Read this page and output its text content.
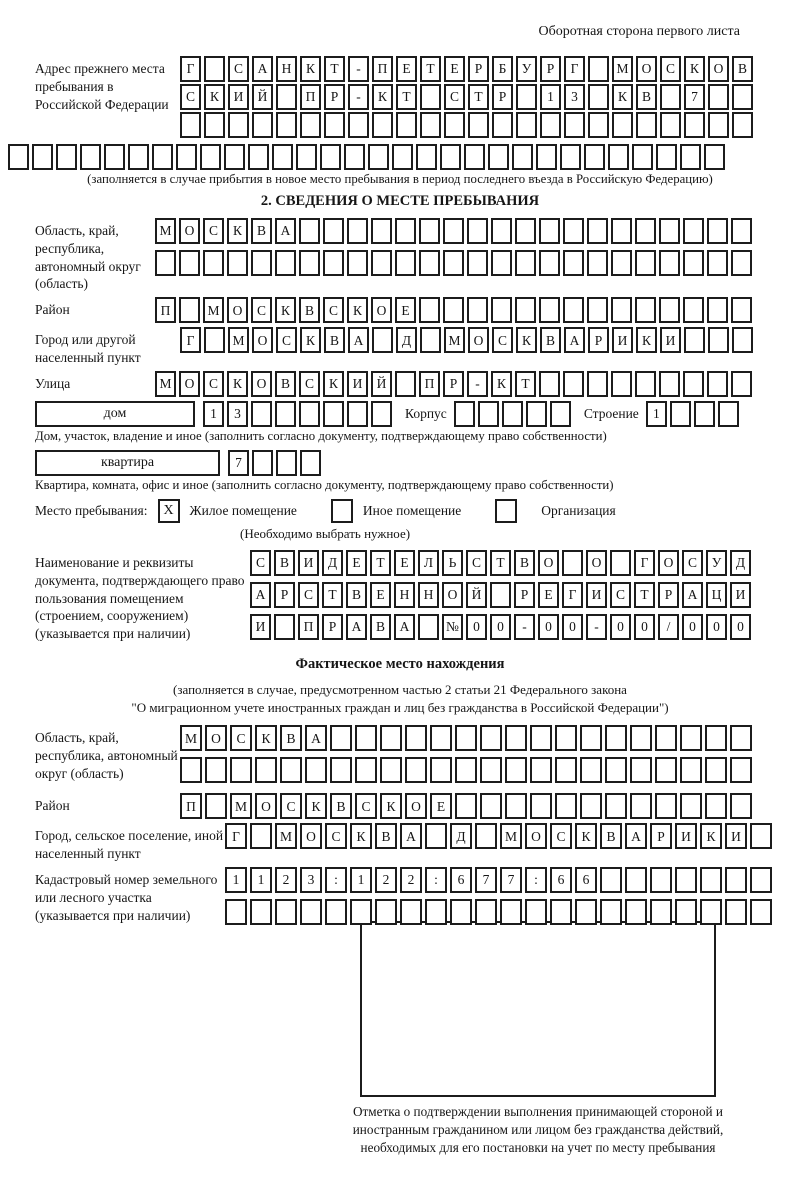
Оборотная сторона первого листа
Адрес прежнего места пребывания в Российской Федерации
Г	С	А	Н	К	Т	-	П	Е	Т	Е	Р	Б	У	Р	Г	М О	С	К	О	В
С	К	И	Й	П	Р	-	К	Т	С	Т	Р	1	3	К	В	7
(заполняется в случае прибытия в новое место пребывания в период последнего въезда в Российскую Федерацию)
2. СВЕДЕНИЯ О МЕСТЕ ПРЕБЫВАНИЯ
Область, край, республика, автономный округ (область)
М О	С	К	В	А
Район	П	М О	С	К	В	С	К	О	Е
Город или другой населенный пункт
Г	М О	С	К	В	А	Д	М О	С	К	В	А	Р	И	К	И
Улица	М О	С	К	О	В	С	К	И	Й	П	Р	-	К	Т
дом	1	3	Корпус	Строение	1
Дом, участок, владение и иное (заполнить согласно документу, подтверждающему право собственности)
квартира	7
Квартира, комната, офис и иное (заполнить согласно документу, подтверждающему право собственности)
Место пребывания:	X	Жилое помещение	Иное помещение	Организация
(Необходимо выбрать нужное)
Наименование и реквизиты документа, подтверждающего право пользования помещением (строением, сооружением) (указывается при наличии)
С	В	И	Д	Е	Т	Е	Л	Ь	С	Т	В	О	О	Г	О	С	У	Д
А	Р	С	Т	В	Е	Н	Н	О	Й	Р	Е	Г	И	С	Т	Р	А	Ц	И
И	П	Р	А	В	А	№	0	0	-	0	0	-	0	0	/	0	0	0
Фактическое место нахождения
(заполняется в случае, предусмотренном частью 2 статьи 21 Федерального закона
"О миграционном учете иностранных граждан и лиц без гражданства в Российской Федерации")
Область, край, республика, автономный округ (область)
М	О	С	К	В	А
Район	П	М	О	С	К	В	С	К	О	Е
Город, сельское поселение, иной населенный пункт
Г	М	О	С	К	В	А	Д	М	О	С	К	В	А	Р	И	К	И
Кадастровый номер земельного или лесного участка (указывается при наличии)
1	1	2	3	:	1	2	2	:	6	7	7	:	6	6
Отметка о подтверждении выполнения принимающей стороной и иностранным гражданином или лицом без гражданства действий, необходимых для его постановки на учет по месту пребывания
